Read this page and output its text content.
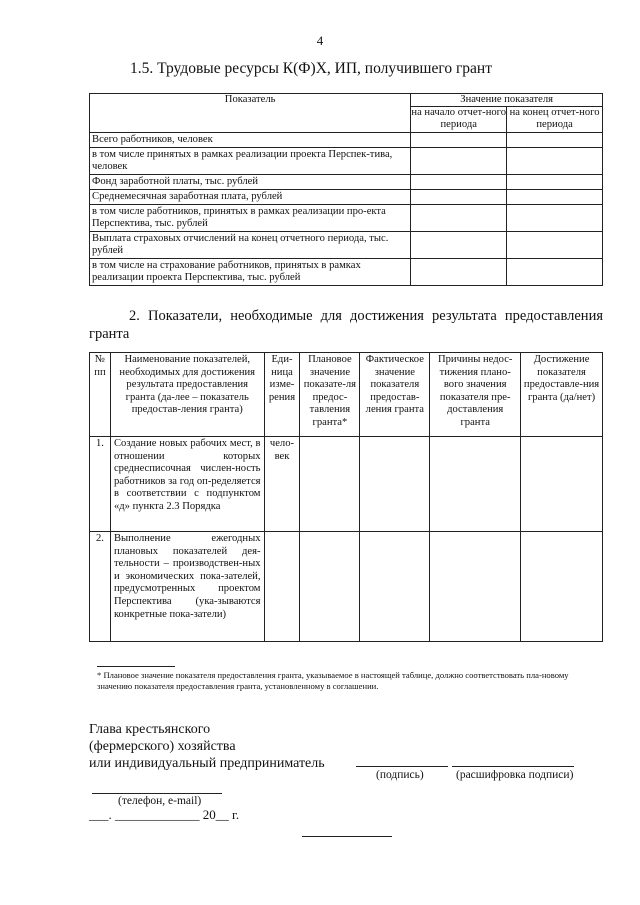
4
1.5. Трудовые ресурсы К(Ф)Х, ИП, получившего грант
Показатель	Значение показателя	
	на начало отчет-ного периода	на конец отчет-ного периода
Всего работников, человек		
в том числе принятых в рамках реализации проекта Перспек-тива, человек		
Фонд заработной платы, тыс. рублей		
Среднемесячная заработная плата, рублей		
в том числе работников, принятых в рамках реализации про-екта Перспектива, тыс. рублей		
Выплата страховых отчислений на конец отчетного периода, тыс. рублей		
в том числе на страхование работников, принятых в рамках реализации проекта Перспектива, тыс. рублей		
2. Показатели, необходимые для достижения результата предоставления гранта
№ пп	Наименование показателей, необходимых для достижения результата предоставления гранта (да-лее – показатель предостав-ления гранта)	Еди-ница изме-рения	Плановое значение показате-ля предос-тавления гранта*	Фактическое значение показателя предостав-ления гранта	Причины недос-тижения плано-вого значения показателя пре-доставления гранта	Достижение показателя предоставле-ния гранта (да/нет)
1.	Создание новых рабочих мест, в отношении которых среднесписочная числен-ность работников за год оп-ределяется в соответствии с подпунктом «д» пункта 2.3 Порядка	чело-век				
2.	Выполнение ежегодных плановых показателей дея-тельности – производствен-ных и экономических пока-зателей, предусмотренных проектом Перспектива (ука-зываются конкретные пока-затели)					
* Плановое значение показателя предоставления гранта, указываемое в настоящей таблице, должно соответствовать пла-новому значению показателя предоставления гранта, установленному в соглашении.
Глава крестьянского
(фермерского) хозяйства
или индивидуальный предприниматель
(подпись)	(расшифровка подписи)
(телефон, e-mail)
___. _____________ 20__ г.
